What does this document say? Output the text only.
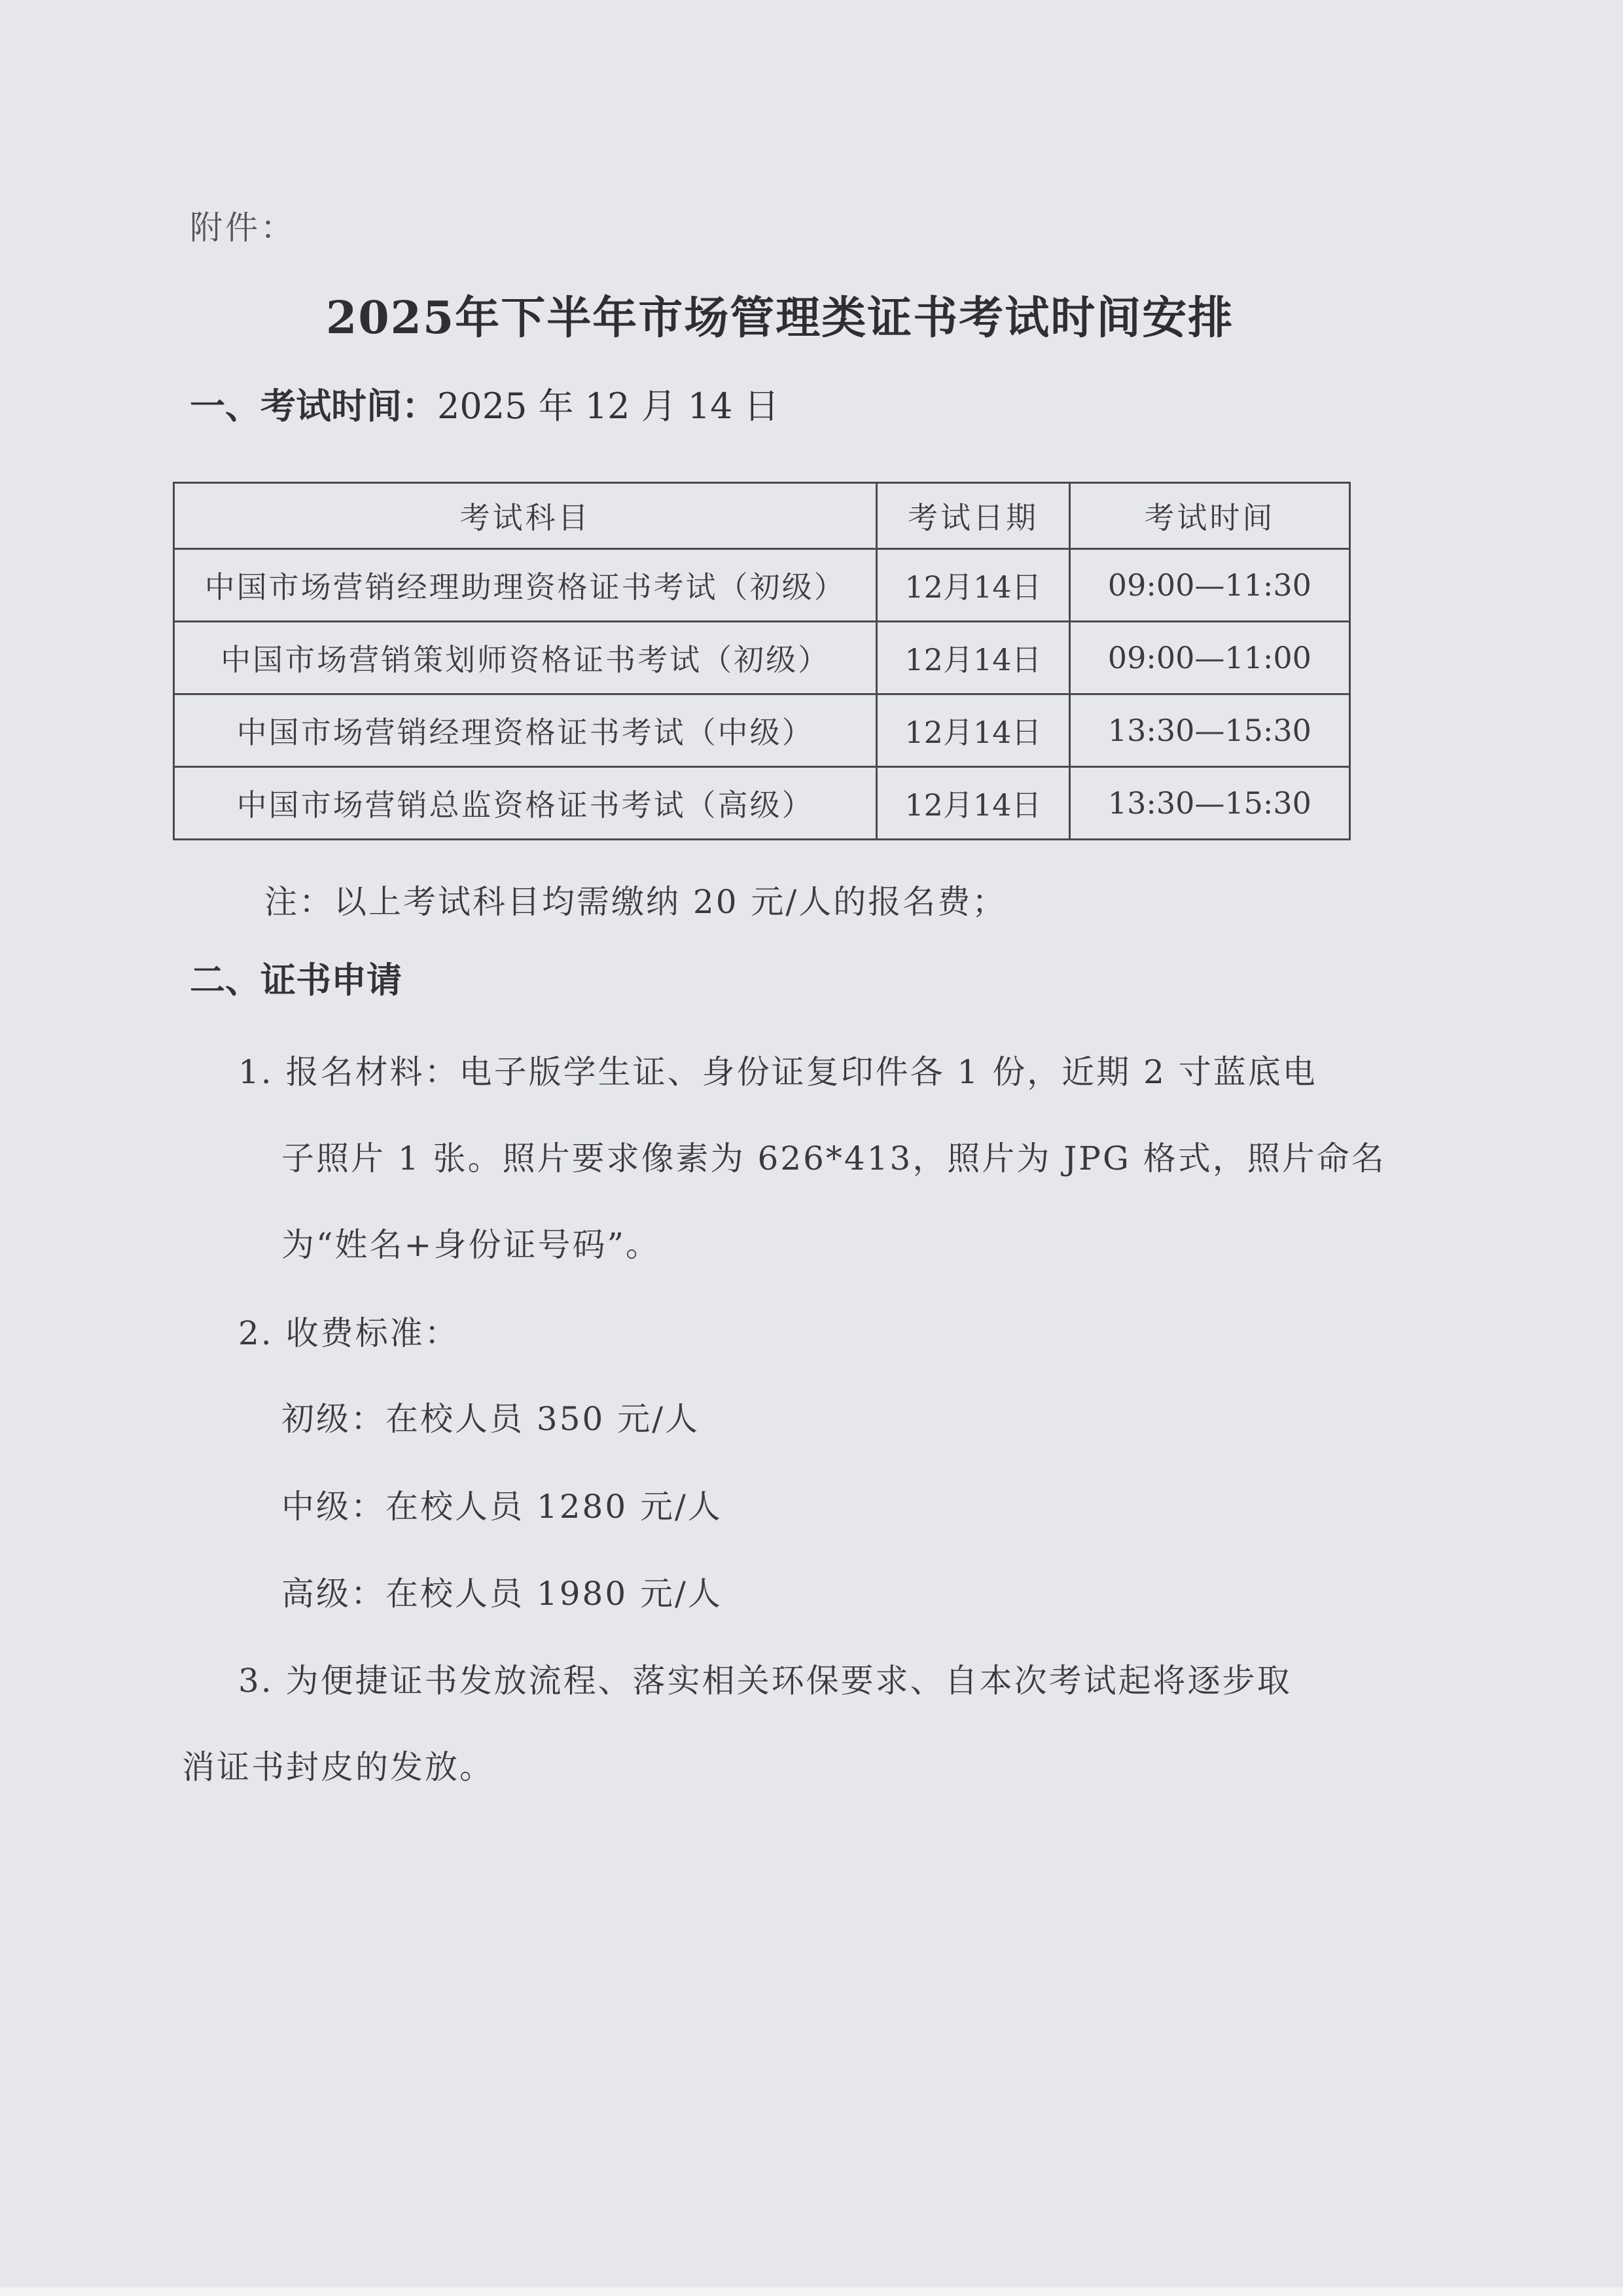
附件：
2025年下半年市场管理类证书考试时间安排
一、考试时间：2025 年 12 月 14 日
考试科目	考试日期	考试时间
中国市场营销经理助理资格证书考试（初级）	12月14日	09:00—11:30
中国市场营销策划师资格证书考试（初级）	12月14日	09:00—11:00
中国市场营销经理资格证书考试（中级）	12月14日	13:30—15:30
中国市场营销总监资格证书考试（高级）	12月14日	13:30—15:30
注：以上考试科目均需缴纳 20 元/人的报名费；
二、证书申请
1. 报名材料：电子版学生证、身份证复印件各 1 份，近期 2 寸蓝底电
子照片 1 张。照片要求像素为 626*413，照片为 JPG 格式，照片命名
为“姓名+身份证号码”。
2. 收费标准：
初级：在校人员 350 元/人
中级：在校人员 1280 元/人
高级：在校人员 1980 元/人
3. 为便捷证书发放流程、落实相关环保要求、自本次考试起将逐步取
消证书封皮的发放。
